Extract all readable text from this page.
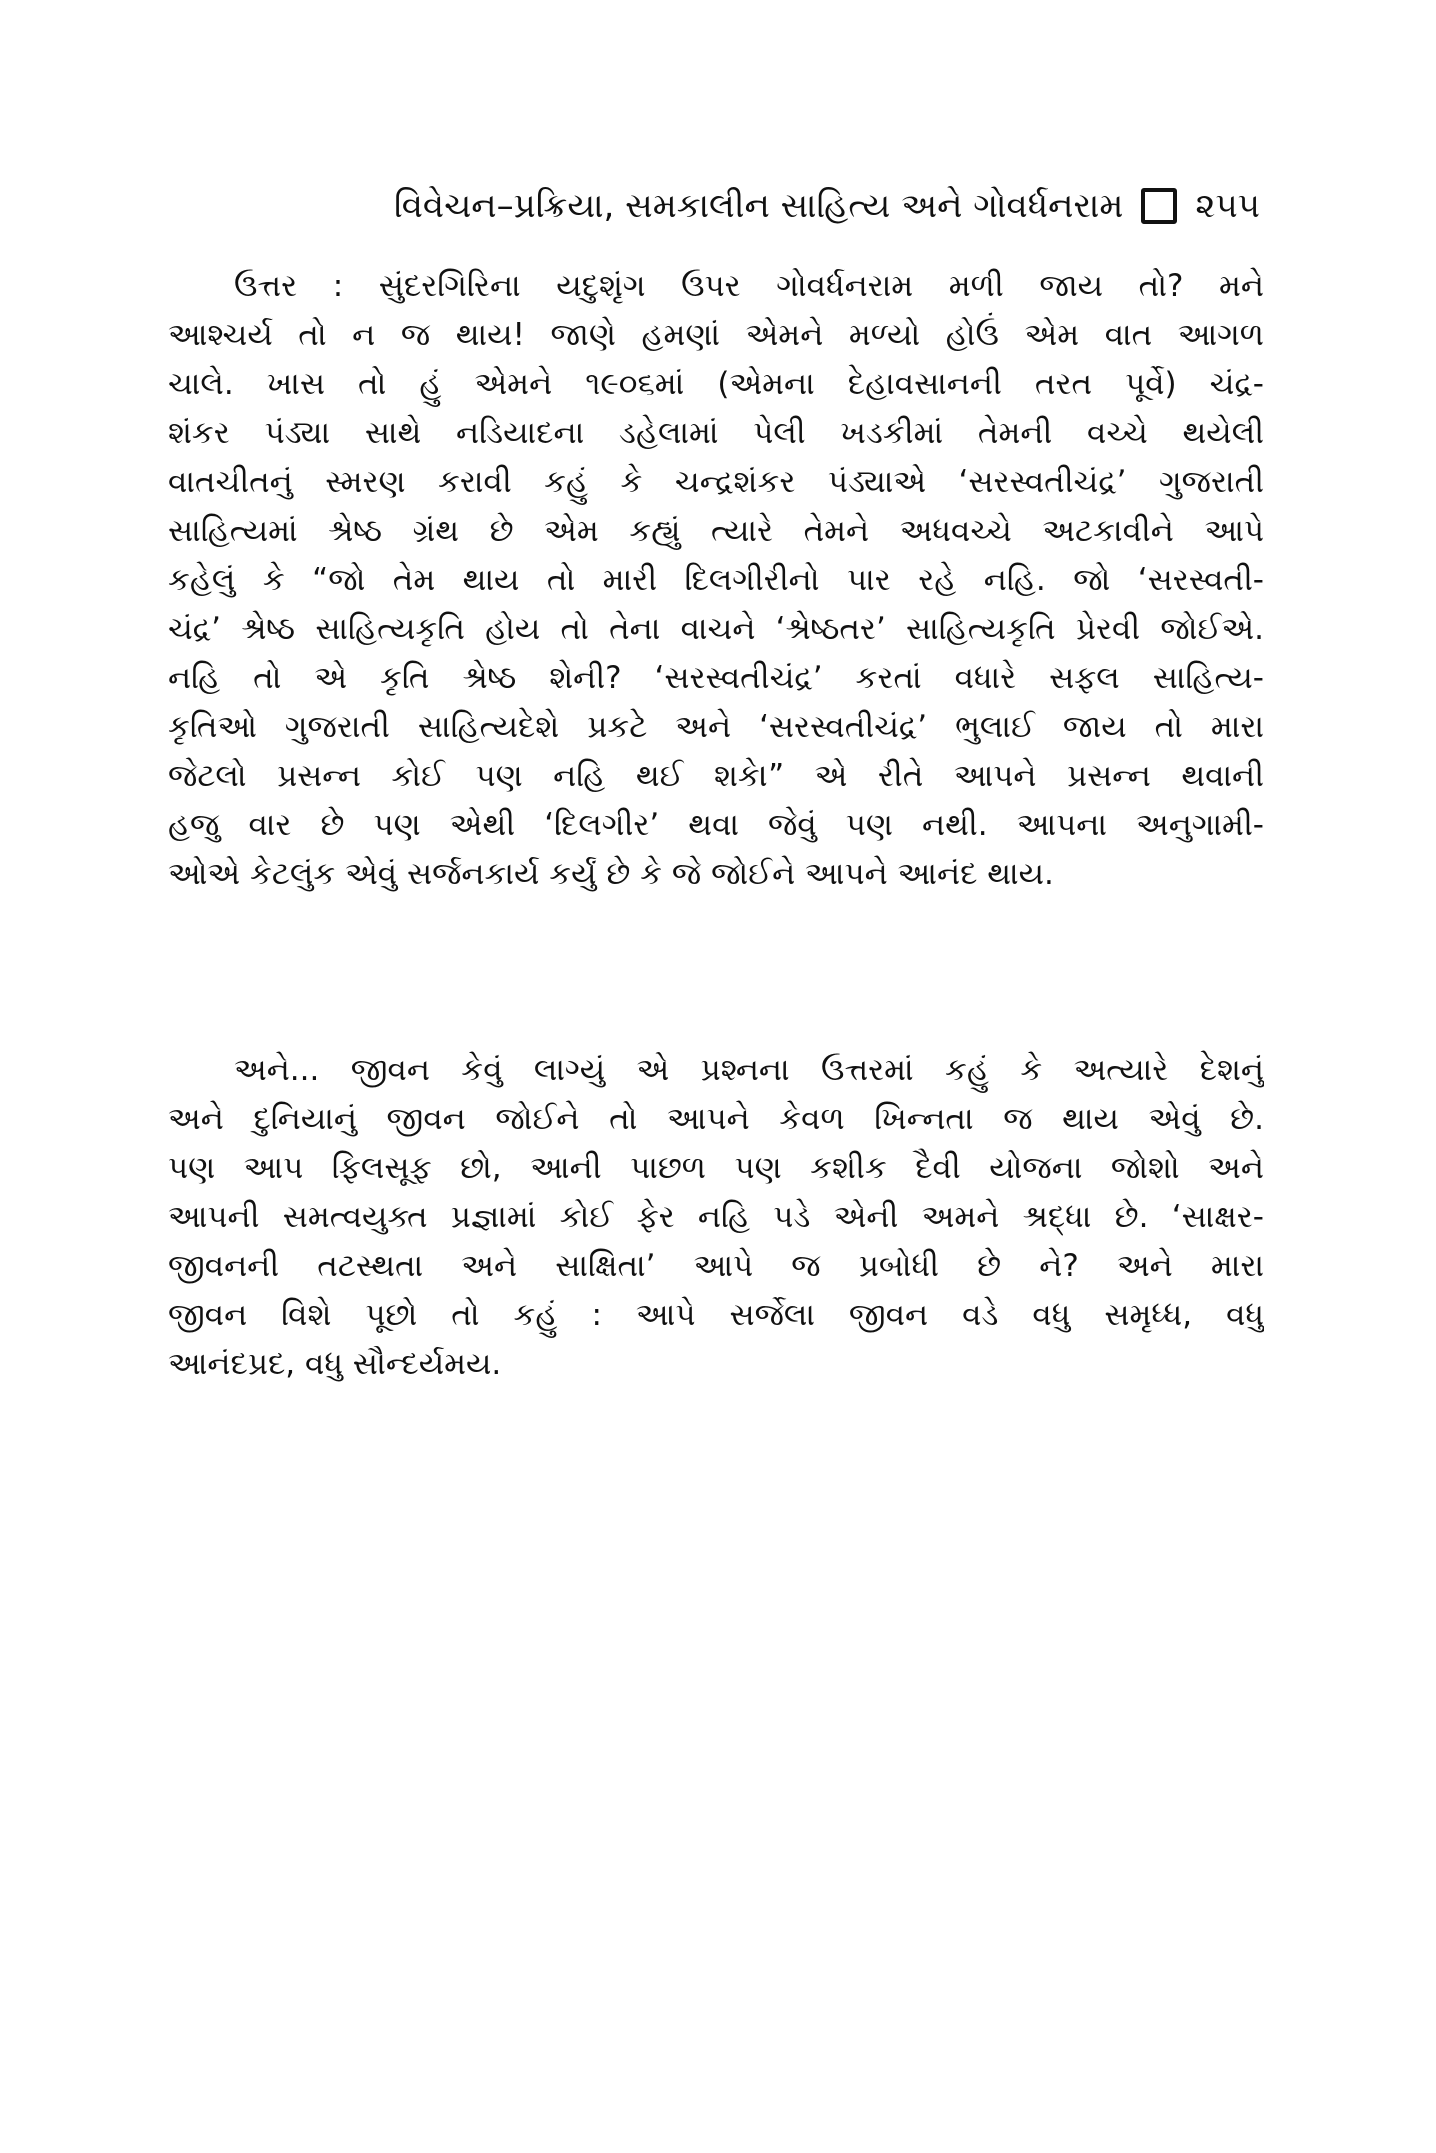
વિવેચન–પ્રક્રિયા, સમકાલીન સાહિત્ય અને ગોવર્ધનરામ ૨૫૫
ઉત્તર : સુંદરગિરિના યદુશૃંગ ઉપર ગોવર્ધનરામ મળી જાય તો? મને
આશ્ચર્ય તો ન જ થાય! જાણે હમણાં એમને મળ્યો હોઉં એમ વાત આગળ
ચાલે. ખાસ તો હું એમને ૧૯૦૬માં (એમના દેહાવસાનની તરત પૂર્વે) ચંદ્ર-
શંકર પંડ્યા સાથે નડિયાદના ડહેલામાં પેલી ખડકીમાં તેમની વચ્ચે થયેલી
વાતચીતનું સ્મરણ કરાવી કહું કે ચન્દ્રશંકર પંડ્યાએ ‘સરસ્વતીચંદ્ર’ ગુજરાતી
સાહિત્યમાં શ્રેષ્ઠ ગ્રંથ છે એમ કહ્યું ત્યારે તેમને અધવચ્ચે અટકાવીને આપે
કહેલું કે “જો તેમ થાય તો મારી દિલગીરીનો પાર રહે નહિ. જો ‘સરસ્વતી-
ચંદ્ર’ શ્રેષ્ઠ સાહિત્યકૃતિ હોય તો તેના વાચને ‘શ્રેષ્ઠતર’ સાહિત્યકૃતિ પ્રેરવી જોઈએ.
નહિ તો એ કૃતિ શ્રેષ્ઠ શેની? ‘સરસ્વતીચંદ્ર’ કરતાં વધારે સફલ સાહિત્ય-
કૃતિઓ ગુજરાતી સાહિત્યદેશે પ્રકટે અને ‘સરસ્વતીચંદ્ર’ ભુલાઈ જાય તો મારા
જેટલો પ્રસન્ન કોઈ પણ નહિ થઈ શકે।” એ રીતે આપને પ્રસન્ન થવાની
હજુ વાર છે પણ એથી ‘દિલગીર’ થવા જેવું પણ નથી. આપના અનુગામી-
ઓએ કેટલુંક એવું સર્જનકાર્ય કર્યું છે કે જે જોઈને આપને આનંદ થાય.
અને... જીવન કેવું લાગ્યું એ પ્રશ્નના ઉત્તરમાં કહું કે અત્યારે દેશનું
અને દુનિયાનું જીવન જોઈને તો આપને કેવળ ખિન્નતા જ થાય એવું છે.
પણ આપ ફિલસૂફ છો, આની પાછળ પણ કશીક દૈવી યોજના જોશો અને
આપની સમત્વયુક્ત પ્રજ્ઞામાં કોઈ ફેર નહિ પડે એની અમને શ્રદ્ધા છે. ‘સાક્ષર-
જીવનની તટસ્થતા અને સાક્ષિતા’ આપે જ પ્રબોધી છે ને? અને મારા
જીવન વિશે પૂછો તો કહું : આપે સર્જેલા જીવન વડે વધુ સમૃધ્ધ, વધુ
આનંદપ્રદ, વધુ સૌન્દર્યમય.
